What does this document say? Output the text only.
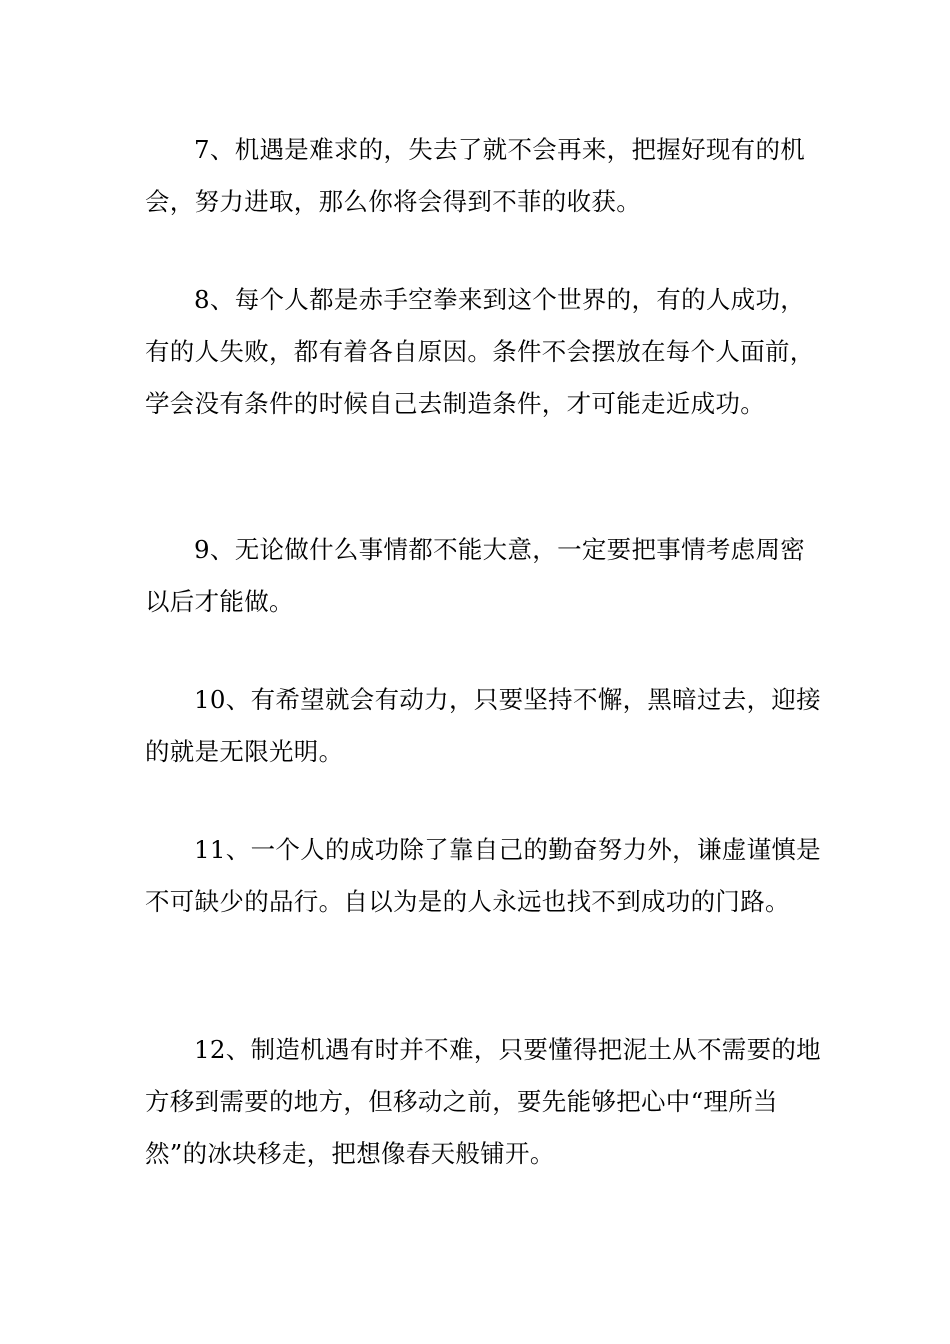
7、机遇是难求的，失去了就不会再来，把握好现有的机会，努力进取，那么你将会得到不菲的收获。

8、每个人都是赤手空拳来到这个世界的，有的人成功，有的人失败，都有着各自原因。条件不会摆放在每个人面前，学会没有条件的时候自己去制造条件，才可能走近成功。

9、无论做什么事情都不能大意，一定要把事情考虑周密以后才能做。

10、有希望就会有动力，只要坚持不懈，黑暗过去，迎接的就是无限光明。

11、一个人的成功除了靠自己的勤奋努力外，谦虚谨慎是不可缺少的品行。自以为是的人永远也找不到成功的门路。

12、制造机遇有时并不难，只要懂得把泥土从不需要的地方移到需要的地方，但移动之前，要先能够把心中“理所当然”的冰块移走，把想像春天般铺开。
